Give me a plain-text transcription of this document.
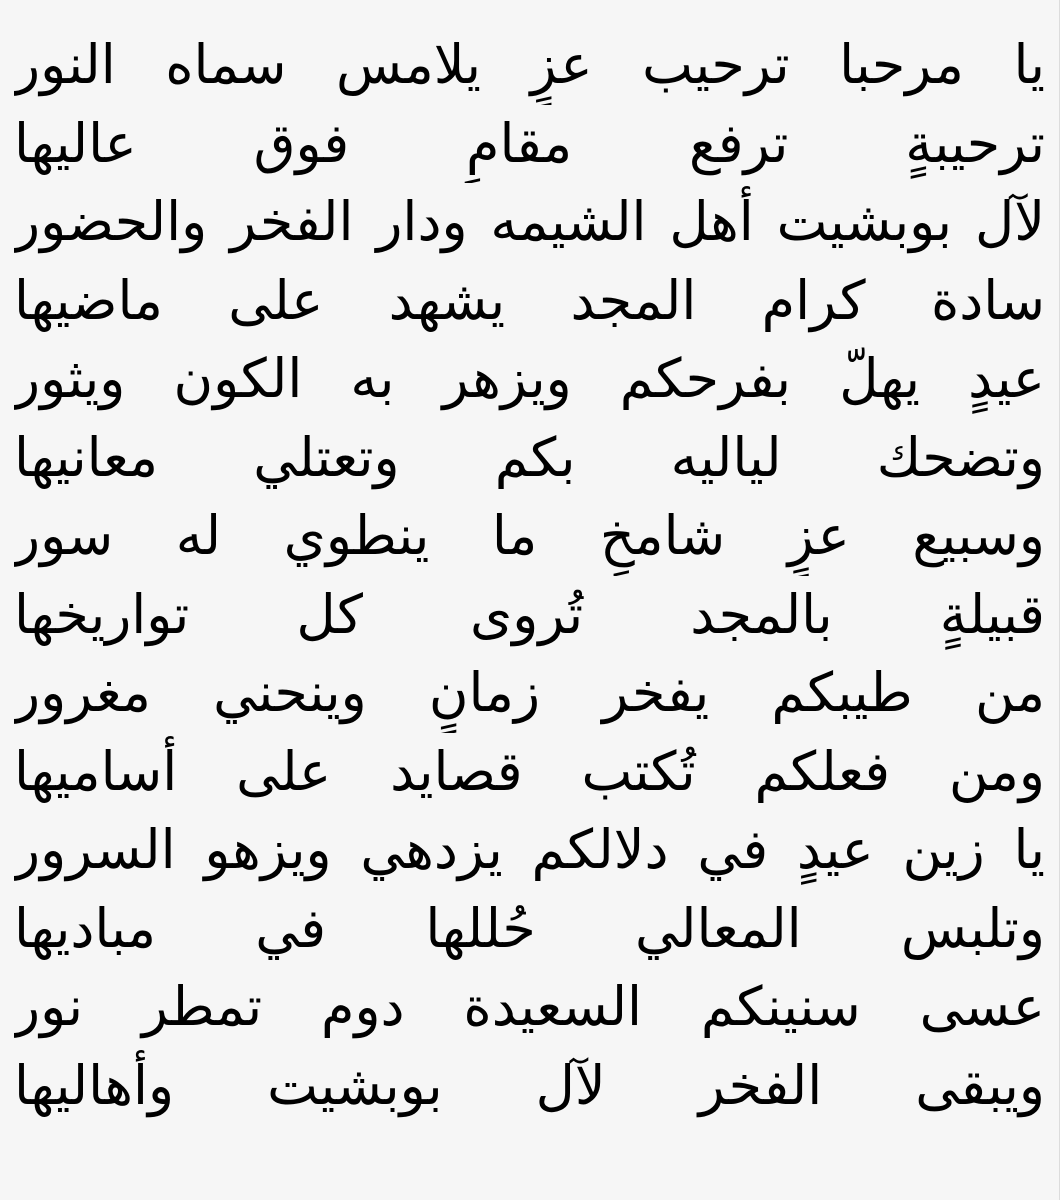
يا مرحبا ترحيب عزٍ يلامس سماه النور
ترحيبةٍ ترفع مقامٍ فوق عاليها
لآل بوبشيت أهل الشيمه ودار الفخر والحضور
سادة كرام المجد يشهد على ماضيها
عيدٍ يهلّ بفرحكم ويزهر به الكون ويثور
وتضحك لياليه بكم وتعتلي معانيها
وسبيع عزٍ شامخٍ ما ينطوي له سور
قبيلةٍ بالمجد تُروى كل تواريخها
من طيبكم يفخر زمانٍ وينحني مغرور
ومن فعلكم تُكتب قصايد على أساميها
يا زين عيدٍ في دلالكم يزدهي ويزهو السرور
وتلبس المعالي حُللها في مباديها
عسى سنينكم السعيدة دوم تمطر نور
ويبقى الفخر لآل بوبشيت وأهاليها
